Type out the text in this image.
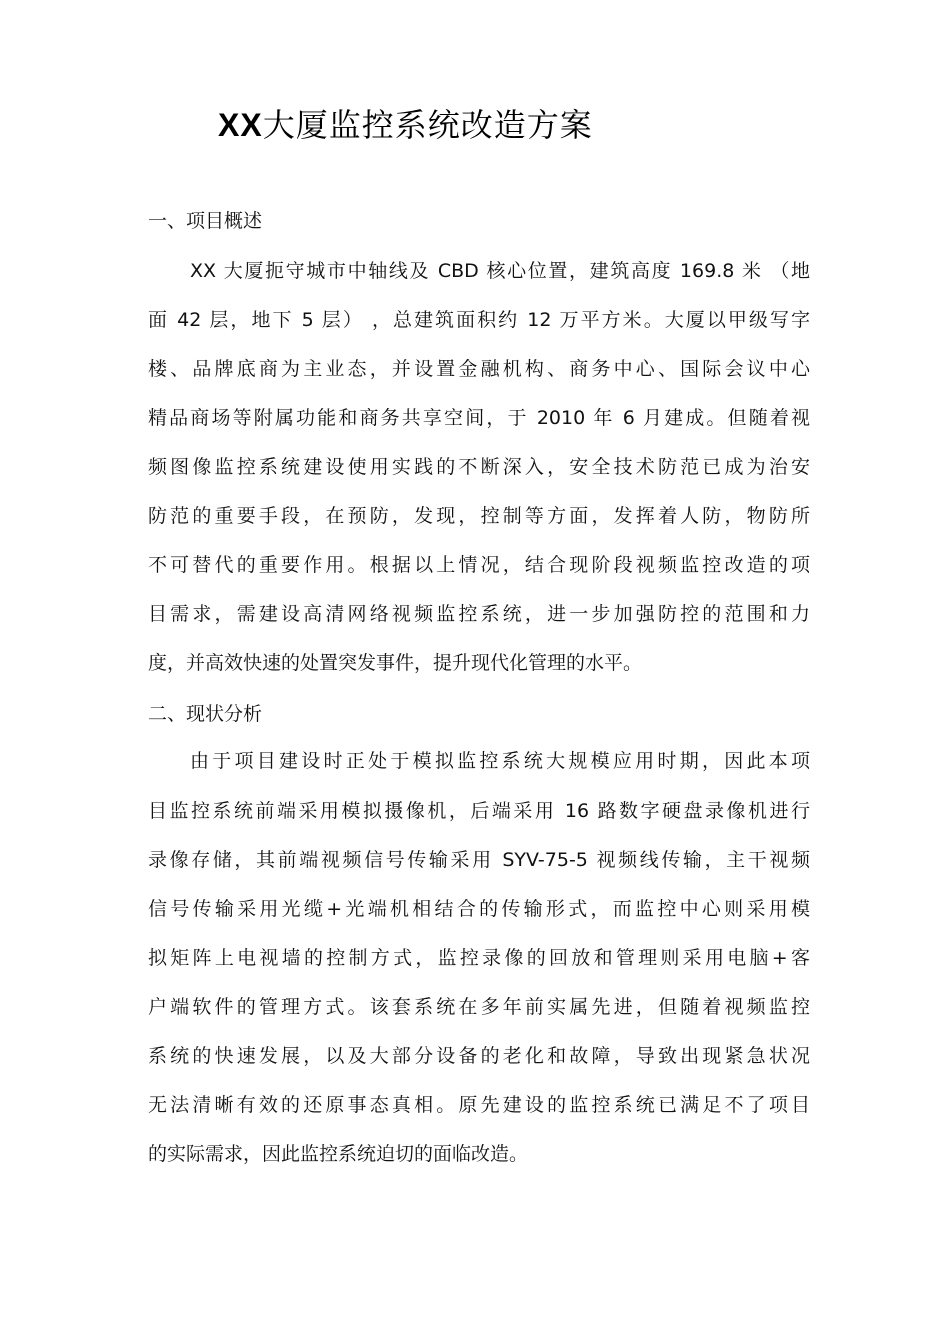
XX大厦监控系统改造方案
一、项目概述
XX 大厦扼守城市中轴线及 CBD 核心位置，建筑高度 169.8 米 （地
面 42 层，地下 5 层） ，总建筑面积约 12 万平方米。大厦以甲级写字
楼、品牌底商为主业态，并设置金融机构、商务中心、国际会议中心
精品商场等附属功能和商务共享空间，于 2010 年 6 月建成。但随着视
频图像监控系统建设使用实践的不断深入，安全技术防范已成为治安
防范的重要手段，在预防，发现，控制等方面，发挥着人防，物防所
不可替代的重要作用。根据以上情况，结合现阶段视频监控改造的项
目需求，需建设高清网络视频监控系统，进一步加强防控的范围和力
度，并高效快速的处置突发事件，提升现代化管理的水平。
二、现状分析
由于项目建设时正处于模拟监控系统大规模应用时期，因此本项
目监控系统前端采用模拟摄像机，后端采用 16 路数字硬盘录像机进行
录像存储，其前端视频信号传输采用 SYV-75-5 视频线传输，主干视频
信号传输采用光缆+光端机相结合的传输形式，而监控中心则采用模
拟矩阵上电视墙的控制方式，监控录像的回放和管理则采用电脑+客
户端软件的管理方式。该套系统在多年前实属先进，但随着视频监控
系统的快速发展，以及大部分设备的老化和故障，导致出现紧急状况
无法清晰有效的还原事态真相。原先建设的监控系统已满足不了项目
的实际需求，因此监控系统迫切的面临改造。
